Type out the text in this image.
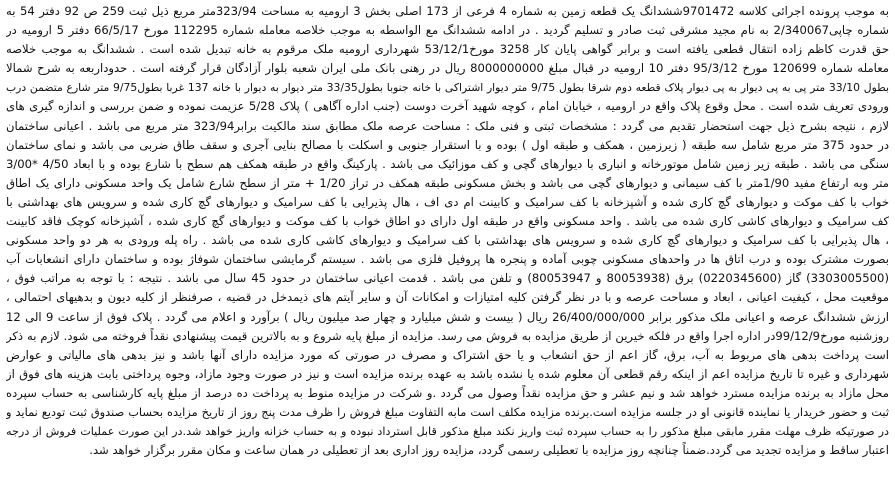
به موجب پرونده اجرائی کلاسه 9701472ششدانگ یک قطعه زمین به شماره 4 فرعی از 173 اصلی بخش 3 ارومیه به مساحت 323/94متر مربع ذیل ثبت 259 ص 92 دفتر 54 به
شماره چاپی2/340067 به نام مجید مشرقی ثبت صادر و تسلیم گردید . در ادامه ششدانگ مع الواسطه به موجب خلاصه معامله شماره 112295 مورخ 66/5/17 دفتر 5 ارومیه در
حق قدرت کاظم زاده انتقال قطعی یافته است و برابر گواهی پایان کار 3258 مورخ53/12/1 شهرداری ارومیه ملک مرقوم به خانه تبدیل شده است . ششدانگ به موجب خلاصه
معامله شماره 120699 مورخ 95/3/12 دفتر 10 ارومیه در قبال مبلغ 8000000000 ریال در رهنی بانک ملی ایران شعبه بلوار آزادگان قرار گرفته است . حدوداربعه به شرح شمالا
بطول 33/10 متر پی به پی دیوار به پی دیوار پلاک قطعه دوم شرقا بطول 9/75 متر دیوار اشتراکی با خانه جنوبا بطول33/35 متر دیوار به دیوار با خانه 137 غربا بطول9/75 متر شارع متضمن درب
ورودی تعریف شده است . محل وقوع پلاک واقع در ارومیه ، خیابان امام ، کوچه شهید آخرت دوست (جنب اداره آگاهی ) پلاک 5/28 عزیمت نموده و ضمن بررسی و اندازه گیری های
لازم ، نتیجه بشرح ذیل جهت استحضار تقدیم می گردد : مشخصات ثبتی و فنی ملک : مساحت عرصه ملک مطابق سند مالکیت برابر323/94 متر مربع می باشد . اعیانی ساختمان
در حدود 375 متر مربع شامل سه طبقه ( زیرزمین ، همکف و طبقه اول ) بوده و با استقرار جنوبی و اسکلت با مصالح بنایی آجری و سقف طاق ضربی می باشد و نمای ساختمان
سنگی می باشد . طبقه زیر زمین شامل موتورخانه و انباری با دیوارهای گچی و کف موزائیک می باشد . پارکینگ واقع در طبقه همکف هم سطح با شارع بوده و با ابعاد 4/50 *3/00
متر وبه ارتفاع مفید 1/90متر با کف سیمانی و دیوارهای گچی می باشد و بخش مسکونی طبقه همکف در تراز 1/20 + متر از سطح شارع شامل یک واحد مسکونی دارای یک اطاق
خواب با کف موکت و دیوارهای گچ کاری شده و آشپزخانه با کف سرامیک و کابینت ام دی اف ، هال پذیرایی با کف سرامیک و دیوارهای گچ کاری شده و سرویس های بهداشتی با
کف سرامیک و دیوارهای کاشی کاری شده می باشد . واحد مسکونی واقع در طبقه اول دارای دو اطاق خواب با کف موکت و دیوارهای گچ کاری شده ، آشپزخانه کوچک فاقد کابینت
، هال پذیرایی با کف سرامیک و دیوارهای گچ کاری شده و سرویس های بهداشتی با کف سرامیک و دیوارهای کاشی کاری شده می باشد . راه پله ورودی به هر دو واحد مسکونی
بصورت مشترک بوده و درب اتاق ها در واحدهای مسکونی چوبی آماده و پنجره ها پروفیل فلزی می باشد . سیستم گرمایشی ساختمان شوفاژ بوده و ساختمان دارای انشعابات آب
(3303005500) گاز (0220345600) برق (80053938 و 80053947) و تلفن می باشد . قدمت اعیانی ساختمان در حدود 45 سال می باشد . نتیجه : با توجه به مراتب فوق ،
موقعیت محل ، کیفیت اعیانی ، ابعاد و مساحت عرصه و با در نظر گرفتن کلیه امتیازات و امکانات آن و سایر آیتم های ذیمدخل در قضیه ، صرفنظر از کلیه دیون و بدهیهای احتمالی ،
ارزش ششدانگ عرصه و اعیانی ملک مذکور برابر 26/400/000/000 ریال ( بیست و شش میلیارد و چهار صد میلیون ریال ) برآورد و اعلام می گردد . پلاک فوق از ساعت 9 الی 12
روزشنبه مورخ99/12/9در اداره اجرا واقع در فلکه خیرین از طریق مزایده به فروش می رسد. مزایده از مبلغ پایه شروع و به بالاترین قیمت پیشنهادی نقداً فروخته می شود. لازم به ذکر
است پرداخت بدهی های مربوط به آب، برق، گاز اعم از حق انشعاب و یا حق اشتراک و مصرف در صورتی که مورد مزایده دارای آنها باشد و نیز بدهی های مالیاتی و عوارض
شهرداری و غیره تا تاریخ مزایده اعم از اینکه رقم قطعی آن معلوم شده یا نشده باشد به عهده برنده مزایده است و نیز در صورت وجود مازاد، وجوه پرداختی بابت هزینه های فوق از
محل مازاد به برنده مزایده مسترد خواهد شد و نیم عشر و حق مزایده نقداً وصول می گردد .و شرکت در مزایده منوط به پرداخت ده درصد از مبلغ پایه کارشناسی به حساب سپرده
ثبت و حضور خریدار یا نماینده قانونی او در جلسه مزایده است.برنده مزایده مکلف است مابه التفاوت مبلغ فروش را ظرف مدت پنج روز از تاریخ مزایده بحساب صندوق ثبت تودیع نماید و
در صورتیکه ظرف مهلت مقرر مابقی مبلغ مذکور را به حساب سپرده ثبت واریز نکند مبلغ مذکور قابل استرداد نبوده و به حساب خزانه واریز خواهد شد.در این صورت عملیات فروش از درجه
اعتبار ساقط و مزایده تجدید می گردد.ضمناً چنانچه روز مزایده با تعطیلی رسمی گردد، مزایده روز اداری بعد از تعطیلی در همان ساعت و مکان مقرر برگزار خواهد شد.
